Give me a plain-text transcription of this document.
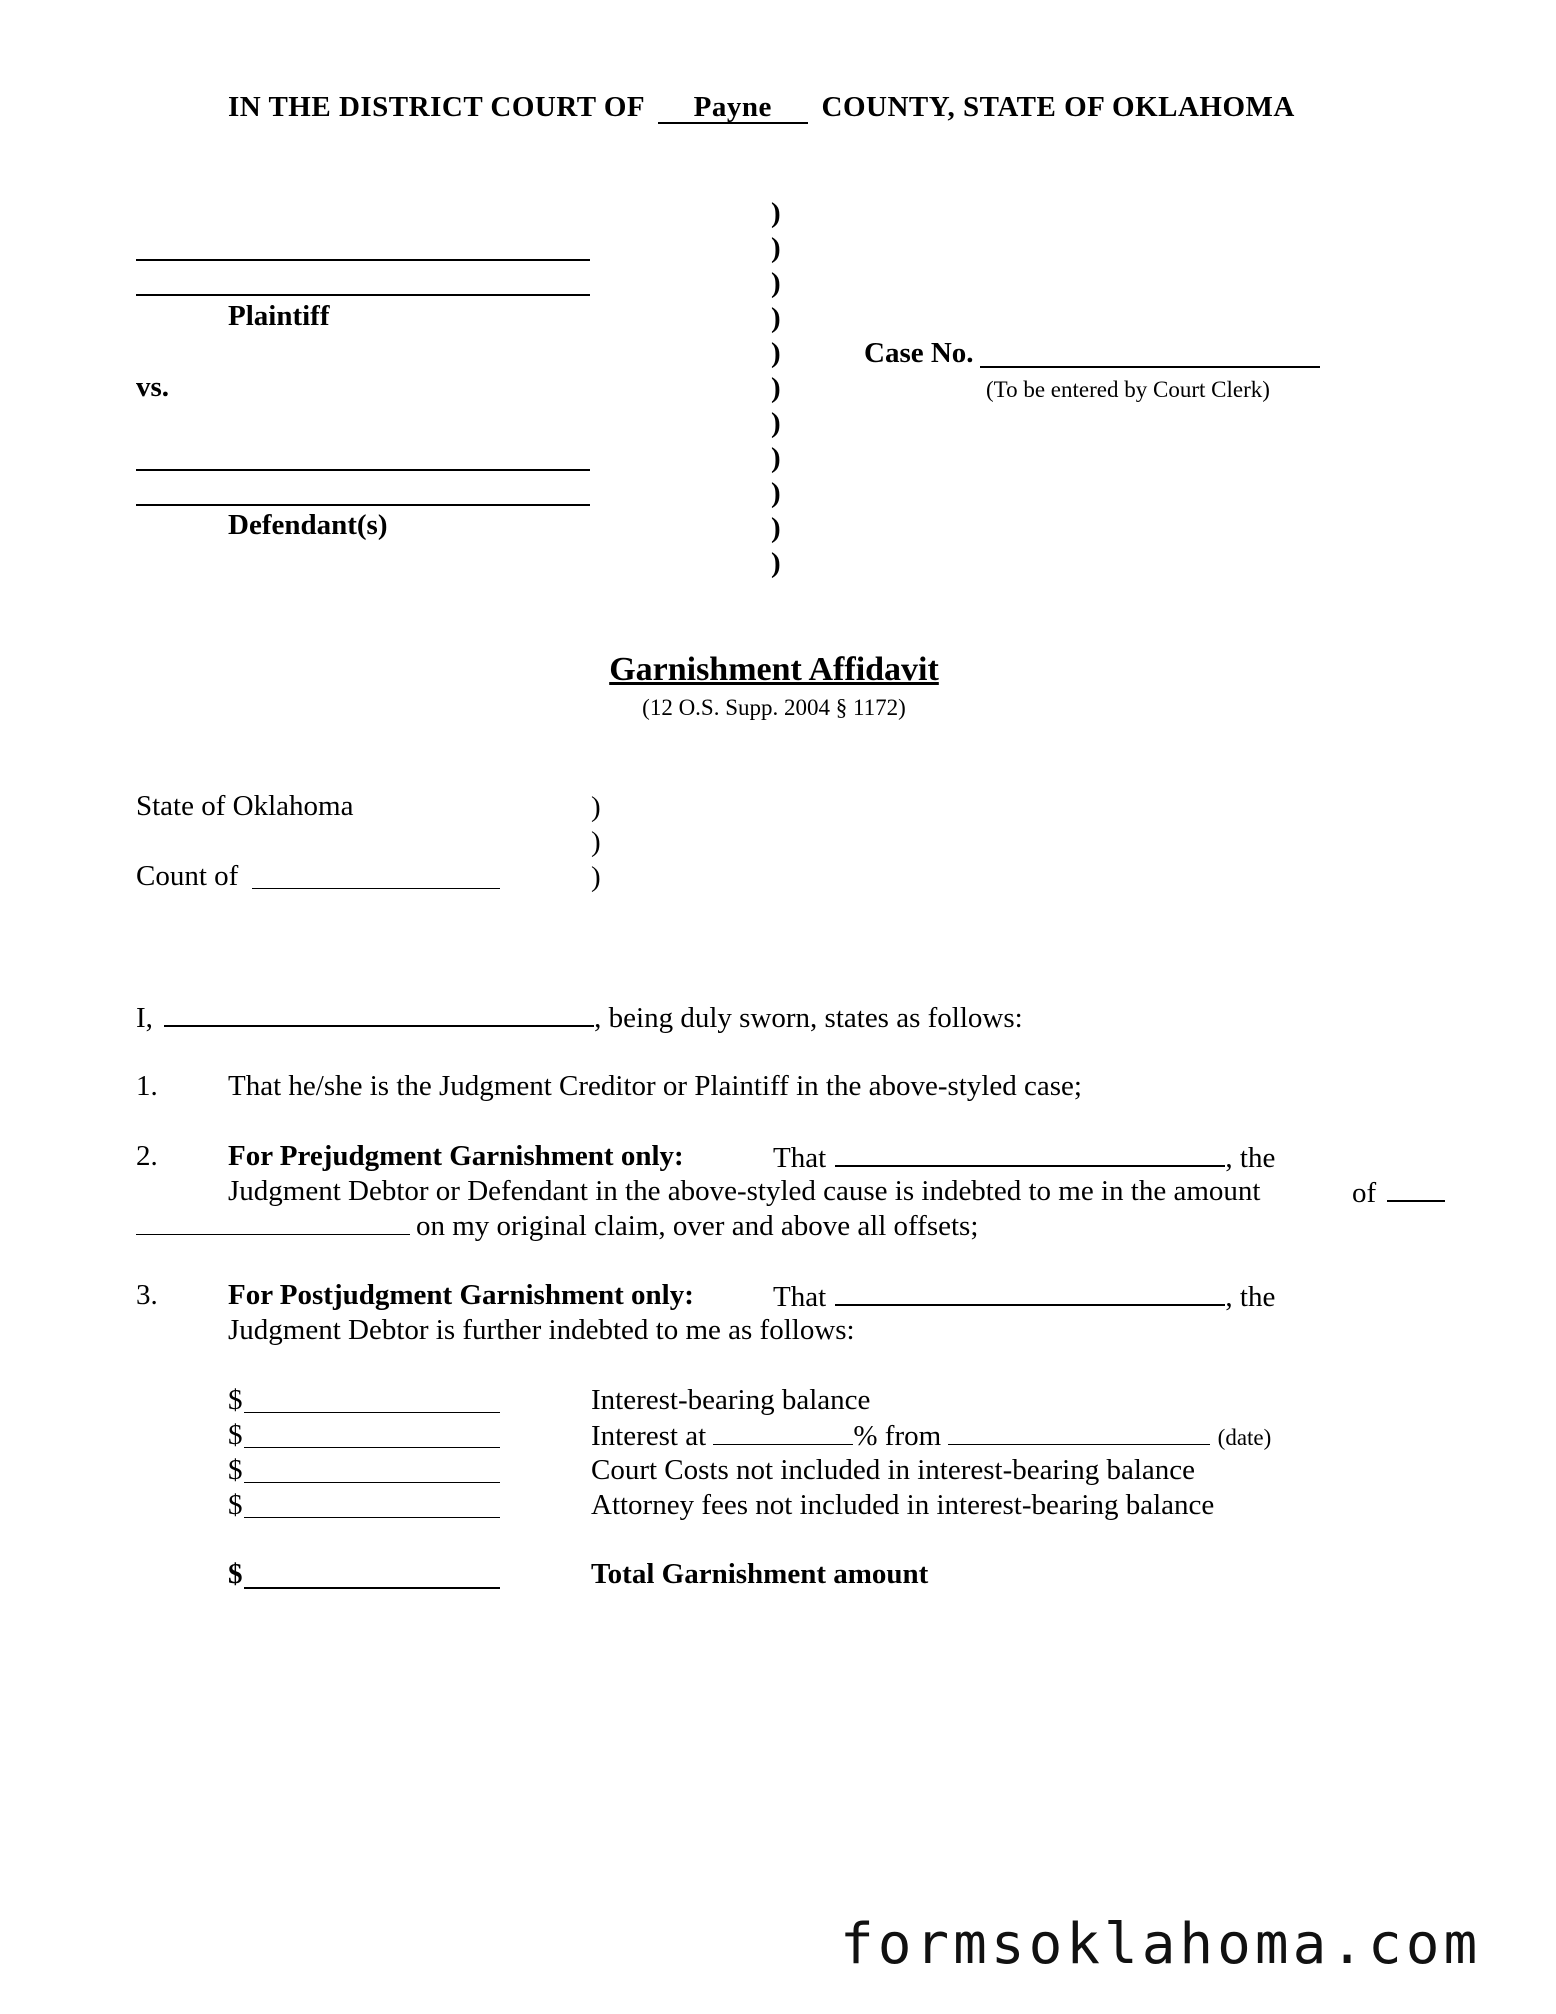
IN THE DISTRICT COURT OF Payne COUNTY, STATE OF OKLAHOMA
Plaintiff
vs.
Defendant(s)
)
)
)
)
)
)
)
)
)
)
)
Case No.
(To be entered by Court Clerk)
Garnishment Affidavit
(12 O.S. Supp. 2004 § 1172)
State of Oklahoma
Count of
)
)
)
I,	, being duly sworn, states as follows:
1. That he/she is the Judgment Creditor or Plaintiff in the above-styled case;
2. For Prejudgment Garnishment only:	That	, the
Judgment Debtor or Defendant in the above-styled cause is indebted to me in the amount	of
on my original claim, over and above all offsets;
3. For Postjudgment Garnishment only:	That	, the
Judgment Debtor is further indebted to me as follows:
$	Interest-bearing balance
$	Interest at	% from	(date)
$	Court Costs not included in interest-bearing balance
$	Attorney fees not included in interest-bearing balance
$	Total Garnishment amount
formsoklahoma.com
